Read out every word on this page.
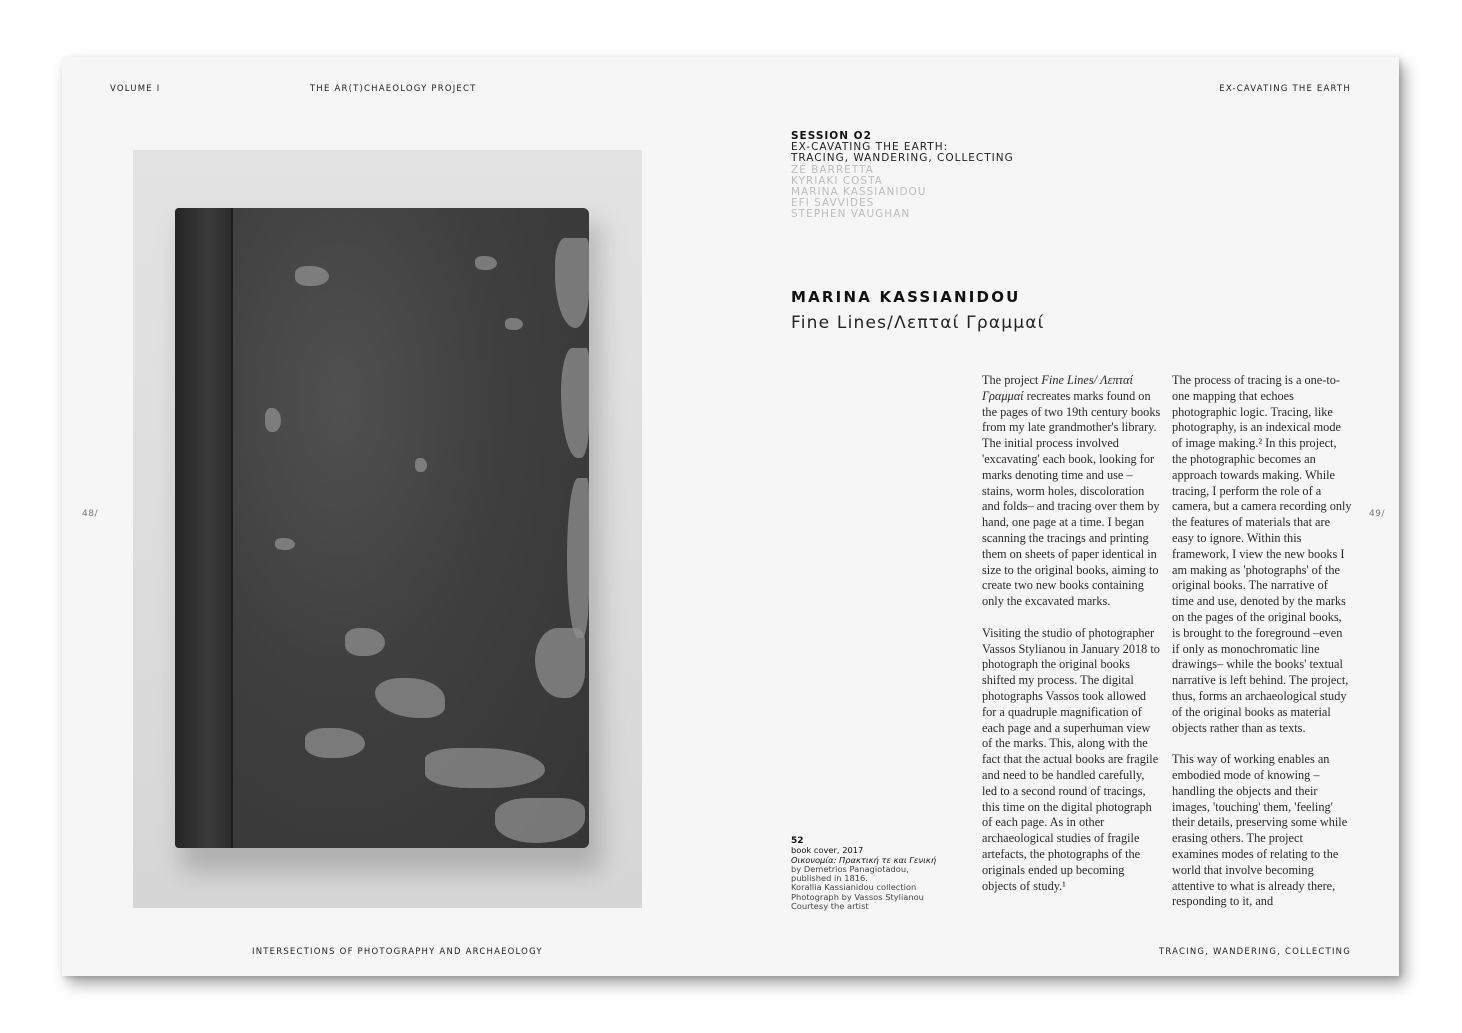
VOLUME I	THE AR(T)CHAEOLOGY PROJECT	EX-CAVATING THE EARTH
48/	49/
INTERSECTIONS OF PHOTOGRAPHY AND ARCHAEOLOGY	TRACING, WANDERING, COLLECTING
SESSION O2
EX-CAVATING THE EARTH:
TRACING, WANDERING, COLLECTING
ZÉ BARRETTA
KYRIAKI COSTA
MARINA KASSIANIDOU
EFI SAVVIDES
STEPHEN VAUGHAN
MARINA KASSIANIDOU
Fine Lines/Λεπταί Γραμμαί

The project Fine Lines/ Λεπταί Γραμμαί recreates marks found on the pages of two 19th century books from my late grandmother's library. The initial process involved 'excavating' each book, looking for marks denoting time and use –stains, worm holes, discoloration and folds– and tracing over them by hand, one page at a time. I began scanning the tracings and printing them on sheets of paper identical in size to the original books, aiming to create two new books containing only the excavated marks.

Visiting the studio of photographer Vassos Stylianou in January 2018 to photograph the original books shifted my process. The digital photographs Vassos took allowed for a quadruple magnification of each page and a superhuman view of the marks. This, along with the fact that the actual books are fragile and need to be handled carefully, led to a second round of tracings, this time on the digital photograph of each page. As in other archaeological studies of fragile artefacts, the photographs of the originals ended up becoming objects of study.¹

The process of tracing is a one-to-one mapping that echoes photographic logic. Tracing, like photography, is an indexical mode of image making.² In this project, the photographic becomes an approach towards making. While tracing, I perform the role of a camera, but a camera recording only the features of materials that are easy to ignore. Within this framework, I view the new books I am making as 'photographs' of the original books. The narrative of time and use, denoted by the marks on the pages of the original books, is brought to the foreground –even if only as monochromatic line drawings– while the books' textual narrative is left behind. The project, thus, forms an archaeological study of the original books as material objects rather than as texts.

This way of working enables an embodied mode of knowing –handling the objects and their images, 'touching' them, 'feeling' their details, preserving some while erasing others. The project examines modes of relating to the world that involve becoming attentive to what is already there, responding to it, and

52
book cover, 2017
Οικονομία: Πρακτική τε και Γενική
by Demetrios Panagiotadou,
published in 1816.
Korallia Kassianidou collection
Photograph by Vassos Stylianou
Courtesy the artist
